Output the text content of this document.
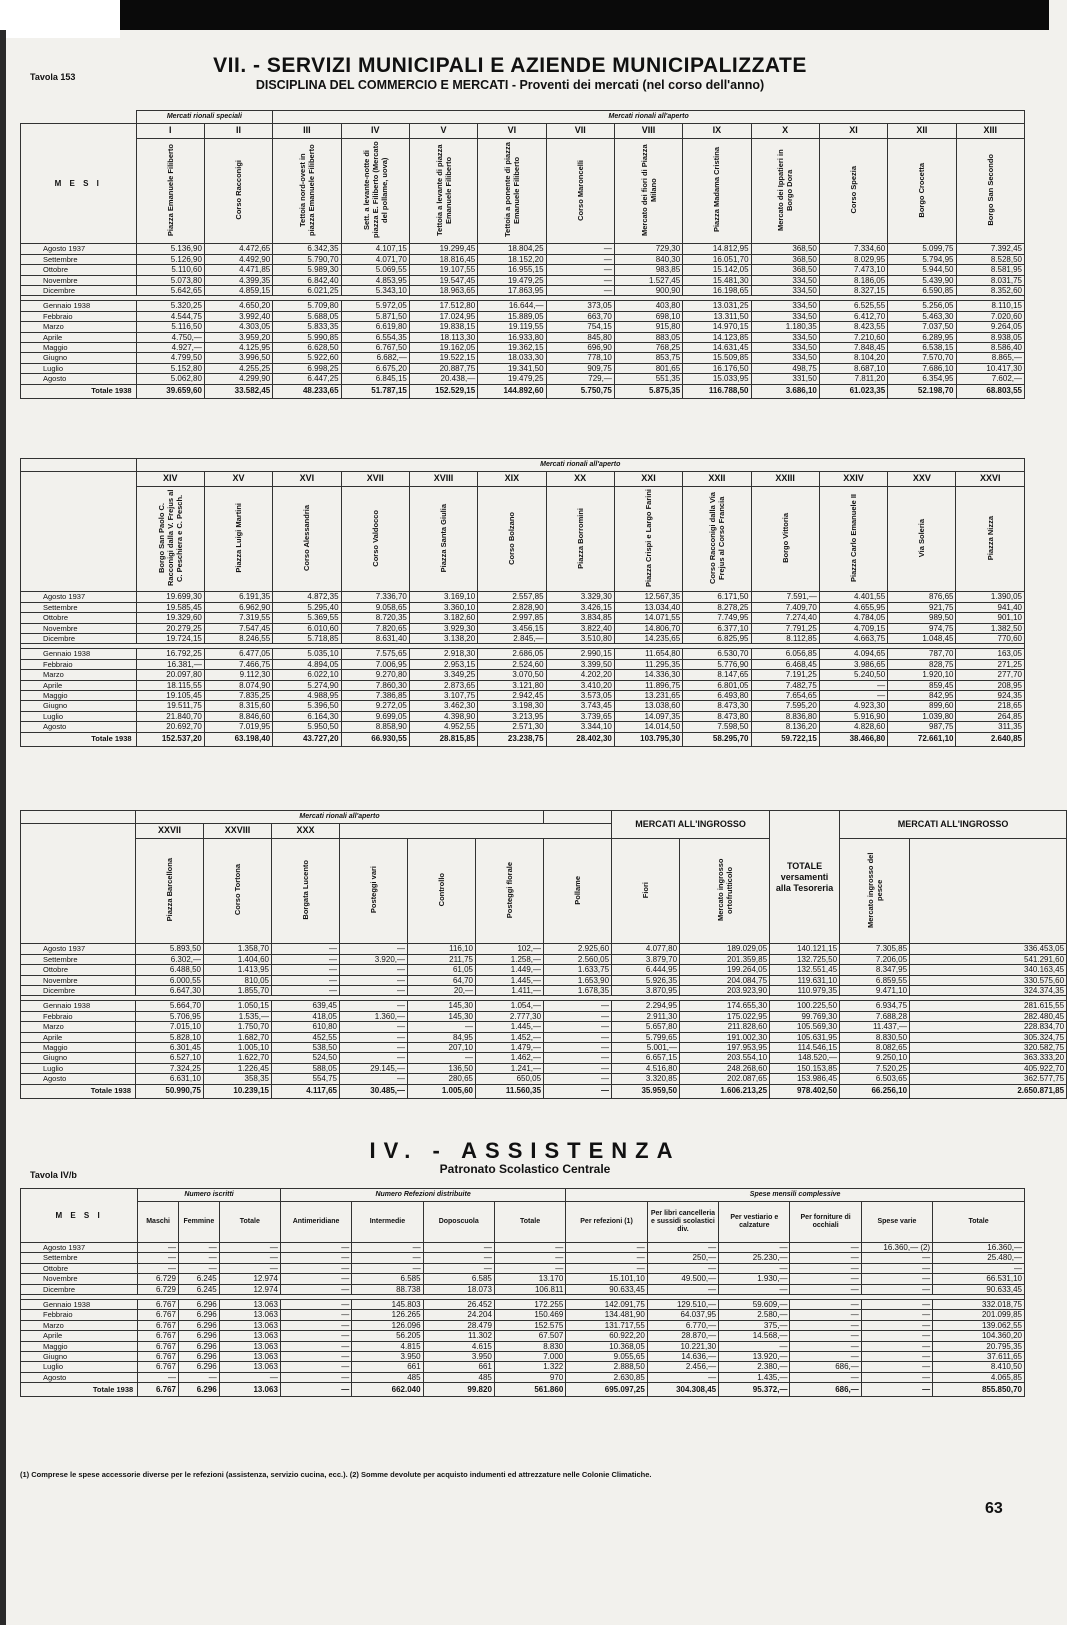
Tavola 153	VII. - SERVIZI MUNICIPALI E AZIENDE MUNICIPALIZZATE
DISCIPLINA DEL COMMERCIO E MERCATI - Proventi dei mercati (nel corso dell'anno)
	Mercati rionali speciali		Mercati rionali all'aperto										
M E S I	I	II	III	IV	V	VI	VII	VIII	IX	X	XI	XII	XIII
	Piazza Emanuele Filiberto	Corso Racconigi	Tettoia nord-ovest in piazza Emanuele Filiberto	Sett. a levante-notte di piazza E. Filiberto (Mercato del pollame, uova)	Tettoia a levante di piazza Emanuele Filiberto	Tettoia a ponente di piazza Emanuele Filiberto	Corso Maroncelli	Mercato dei fiori di Piazza Milano	Piazza Madama Cristina	Mercato dei Ippatieri in Borgo Dora	Corso Spezia	Borgo Crocetta	Borgo San Secondo
Agosto 1937	5.136,90	4.472,65	6.342,35	4.107,15	19.299,45	18.804,25	—	729,30	14.812,95	368,50	7.334,60	5.099,75	7.392,45
Settembre	5.126,90	4.492,90	5.790,70	4.071,70	18.816,45	18.152,20	—	840,30	16.051,70	368,50	8.029,95	5.794,95	8.528,50
Ottobre	5.110,60	4.471,85	5.989,30	5.069,55	19.107,55	16.955,15	—	983,85	15.142,05	368,50	7.473,10	5.944,50	8.581,95
Novembre	5.073,80	4.399,35	6.842,40	4.853,95	19.547,45	19.479,25	—	1.527,45	15.481,30	334,50	8.186,05	5.439,90	8.031,75
Dicembre	5.642,65	4.859,15	6.021,25	5.343,10	18.963,65	17.863,95	—	900,90	16.198,65	334,50	8.327,15	6.590,85	8.352,60

Gennaio 1938	5.320,25	4.650,20	5.709,80	5.972,05	17.512,80	16.644,—	373,05	403,80	13.031,25	334,50	6.525,55	5.256,05	8.110,15
Febbraio	4.544,75	3.992,40	5.688,05	5.871,50	17.024,95	15.889,05	663,70	698,10	13.311,50	334,50	6.412,70	5.463,30	7.020,60
Marzo	5.116,50	4.303,05	5.833,35	6.619,80	19.838,15	19.119,55	754,15	915,80	14.970,15	1.180,35	8.423,55	7.037,50	9.264,05
Aprile	4.750,—	3.959,20	5.990,85	6.554,35	18.113,30	16.933,80	845,80	883,05	14.123,85	334,50	7.210,60	6.289,95	8.938,05
Maggio	4.927,—	4.125,95	6.628,50	6.767,50	19.162,05	19.362,15	696,90	768,25	14.631,45	334,50	7.848,45	6.538,15	8.586,40
Giugno	4.799,50	3.996,50	5.922,60	6.682,—	19.522,15	18.033,30	778,10	853,75	15.509,85	334,50	8.104,20	7.570,70	8.865,—
Luglio	5.152,80	4.255,25	6.998,25	6.675,20	20.887,75	19.341,50	909,75	801,65	16.176,50	498,75	8.687,10	7.686,10	10.417,30
Agosto	5.062,80	4.299,90	6.447,25	6.845,15	20.438,—	19.479,25	729,—	551,35	15.033,95	331,50	7.811,20	6.354,95	7.602,—
Totale 1938	39.659,60	33.582,45	48.233,65	51.787,15	152.529,15	144.892,60	5.750,75	5.875,35	116.788,50	3.686,10	61.023,35	52.198,70	68.803,55
	Mercati rionali all'aperto												
	XIV	XV	XVI	XVII	XVIII	XIX	XX	XXI	XXII	XXIII	XXIV	XXV	XXVI
	Borgo San Paolo C. Racconigi dalla V. Frejus al C. Peschiera e C. Pesch.	Piazza Luigi Martini	Corso Alessandria	Corso Valdocco	Piazza Santa Giulia	Corso Bolzano	Piazza Borromini	Piazza Crispi e Largo Farini	Corso Racconigi dalla Via Frejus al Corso Francia	Borgo Vittoria	Piazza Carlo Emanuele II	Via Soleria	Piazza Nizza
Agosto 1937	19.699,30	6.191,35	4.872,35	7.336,70	3.169,10	2.557,85	3.329,30	12.567,35	6.171,50	7.591,—	4.401,55	876,65	1.390,05
Settembre	19.585,45	6.962,90	5.295,40	9.058,65	3.360,10	2.828,90	3.426,15	13.034,40	8.278,25	7.409,70	4.655,95	921,75	941,40
Ottobre	19.329,60	7.319,55	5.369,55	8.720,35	3.182,60	2.997,85	3.834,85	14.071,55	7.749,95	7.274,40	4.784,05	989,50	901,10
Novembre	20.279,25	7.547,45	6.010,60	7.820,65	3.929,30	3.456,15	3.822,40	14.806,70	6.377,10	7.791,25	4.709,15	974,75	1.382,50
Dicembre	19.724,15	8.246,55	5.718,85	8.631,40	3.138,20	2.845,—	3.510,80	14.235,65	6.825,95	8.112,85	4.663,75	1.048,45	770,60

Gennaio 1938	16.792,25	6.477,05	5.035,10	7.575,65	2.918,30	2.686,05	2.990,15	11.654,80	6.530,70	6.056,85	4.094,65	787,70	163,05
Febbraio	16.381,—	7.466,75	4.894,05	7.006,95	2.953,15	2.524,60	3.399,50	11.295,35	5.776,90	6.468,45	3.986,65	828,75	271,25
Marzo	20.097,80	9.112,30	6.022,10	9.270,80	3.349,25	3.070,50	4.202,20	14.336,30	8.147,65	7.191,25	5.240,50	1.920,10	277,70
Aprile	18.115,55	8.074,90	5.274,90	7.860,30	2.873,65	3.121,80	3.410,20	11.896,75	6.801,05	7.482,75	—	859,45	208,95
Maggio	19.105,45	7.835,25	4.988,95	7.386,85	3.107,75	2.942,45	3.573,05	13.231,65	6.493,80	7.654,65	—	842,95	924,35
Giugno	19.511,75	8.315,60	5.396,50	9.272,05	3.462,30	3.198,30	3.743,45	13.038,60	8.473,30	7.595,20	4.923,30	899,60	218,65
Luglio	21.840,70	8.846,60	6.164,30	9.699,05	4.398,90	3.213,95	3.739,65	14.097,35	8.473,80	8.836,80	5.916,90	1.039,80	264,85
Agosto	20.692,70	7.019,95	5.950,50	8.858,90	4.952,55	2.571,30	3.344,10	14.014,50	7.598,50	8.136,20	4.828,60	987,75	311,35
Totale 1938	152.537,20	63.198,40	43.727,20	66.930,55	28.815,85	23.238,75	28.402,30	103.795,30	58.295,70	59.722,15	38.466,80	72.661,10	2.640,85
	Mercati rionali all'aperto							MERCATI ALL'INGROSSO		TOTALE versamenti alla Tesoreria	MERCATI ALL'INGROSSO	
	XXVII	XXVIII	XXX										
	Piazza Barcellona	Corso Tortona	Borgata Lucento	Posteggi vari	Controllo	Posteggi florale	Pollame	Fiori	Mercato ingrosso ortofrutticolo		Mercato ingrosso del pesce		
Agosto 1937	5.893,50	1.358,70	—	—	116,10	102,—	2.925,60	4.077,80	189.029,05	140.121,15	7.305,85	336.453,05	
Settembre	6.302,—	1.404,60	—	3.920,—	211,75	1.258,—	2.560,05	3.879,70	201.359,85	132.725,50	7.206,05	541.291,60	
Ottobre	6.488,50	1.413,95	—	—	61,05	1.449,—	1.633,75	6.444,95	199.264,05	132.551,45	8.347,95	340.163,45	
Novembre	6.000,55	810,05	—	—	64,70	1.445,—	1.653,90	5.926,35	204.084,75	119.631,10	6.859,55	330.575,60	
Dicembre	6.647,30	1.855,70	—	—	20,—	1.411,—	1.678,35	3.870,95	203.923,90	110.979,35	9.471,10	324.374,35	

Gennaio 1938	5.664,70	1.050,15	639,45	—	145,30	1.054,—	—	2.294,95	174.655,30	100.225,50	6.934,75	281.615,55	
Febbraio	5.706,95	1.535,—	418,05	1.360,—	145,30	2.777,30	—	2.911,30	175.022,95	99.769,30	7.688,28	282.480,45	
Marzo	7.015,10	1.750,70	610,80	—	—	1.445,—	—	5.657,80	211.828,60	105.569,30	11.437,—	228.834,70	
Aprile	5.828,10	1.682,70	452,55	—	84,95	1.452,—	—	5.799,65	191.002,30	105.631,95	8.830,50	305.324,75	
Maggio	6.301,45	1.005,10	538,50	—	207,10	1.479,—	—	5.001,—	197.953,95	114.546,15	8.082,65	320.582,75	
Giugno	6.527,10	1.622,70	524,50	—	—	1.462,—	—	6.657,15	203.554,10	148.520,—	9.250,10	363.333,20	
Luglio	7.324,25	1.226,45	588,05	29.145,—	136,50	1.241,—	—	4.516,80	248.268,60	150.153,85	7.520,25	405.922,70	
Agosto	6.631,10	358,35	554,75	—	280,65	650,05	—	3.320,85	202.087,65	153.986,45	6.503,65	362.577,75	
Totale 1938	50.990,75	10.239,15	4.117,65	30.485,—	1.005,60	11.560,35	—	35.959,50	1.606.213,25	978.402,50	66.256,10	2.650.871,85	
Tavola IV/b
IV. - ASSISTENZA
Patronato Scolastico Centrale
M E S I	Numero iscritti			Numero Refezioni distribuite				Spese mensili complessive					
	Maschi	Femmine	Totale	Antimeridiane	Intermedie	Doposcuola	Totale	Per refezioni (1)	Per libri cancelleria e sussidi scolastici div.	Per vestiario e calzature	Per forniture di occhiali	Spese varie	Totale
Agosto 1937	—	—	—	—	—	—	—	—	—	—	—	16.360,— (2)	16.360,—
Settembre	—	—	—	—	—	—	—	—	250,—	25.230,—	—	—	25.480,—
Ottobre	—	—	—	—	—	—	—	—	—	—	—	—	—
Novembre	6.729	6.245	12.974	—	6.585	6.585	13.170	15.101,10	49.500,—	1.930,—	—	—	66.531,10
Dicembre	6.729	6.245	12.974	—	88.738	18.073	106.811	90.633,45	—	—	—	—	90.633,45

Gennaio 1938	6.767	6.296	13.063	—	145.803	26.452	172.255	142.091,75	129.510,—	59.609,—	—	—	332.018,75
Febbraio	6.767	6.296	13.063	—	126.265	24.204	150.469	134.481,90	64.037,95	2.580,—	—	—	201.099,85
Marzo	6.767	6.296	13.063	—	126.096	28.479	152.575	131.717,55	6.770,—	375,—	—	—	139.062,55
Aprile	6.767	6.296	13.063	—	56.205	11.302	67.507	60.922,20	28.870,—	14.568,—	—	—	104.360,20
Maggio	6.767	6.296	13.063	—	4.815	4.615	8.830	10.368,05	10.221,30	—	—	—	20.795,35
Giugno	6.767	6.296	13.063	—	3.950	3.950	7.000	9.055,65	14.636,—	13.920,—	—	—	37.611,65
Luglio	6.767	6.296	13.063	—	661	661	1.322	2.888,50	2.456,—	2.380,—	686,—	—	8.410,50
Agosto	—	—	—	—	485	485	970	2.630,85	—	1.435,—	—	—	4.065,85
Totale 1938	6.767	6.296	13.063	—	662.040	99.820	561.860	695.097,25	304.308,45	95.372,—	686,—	—	855.850,70
(1) Comprese le spese accessorie diverse per le refezioni (assistenza, servizio cucina, ecc.). (2) Somme devolute per acquisto indumenti ed attrezzature nelle Colonie Climatiche.
63
